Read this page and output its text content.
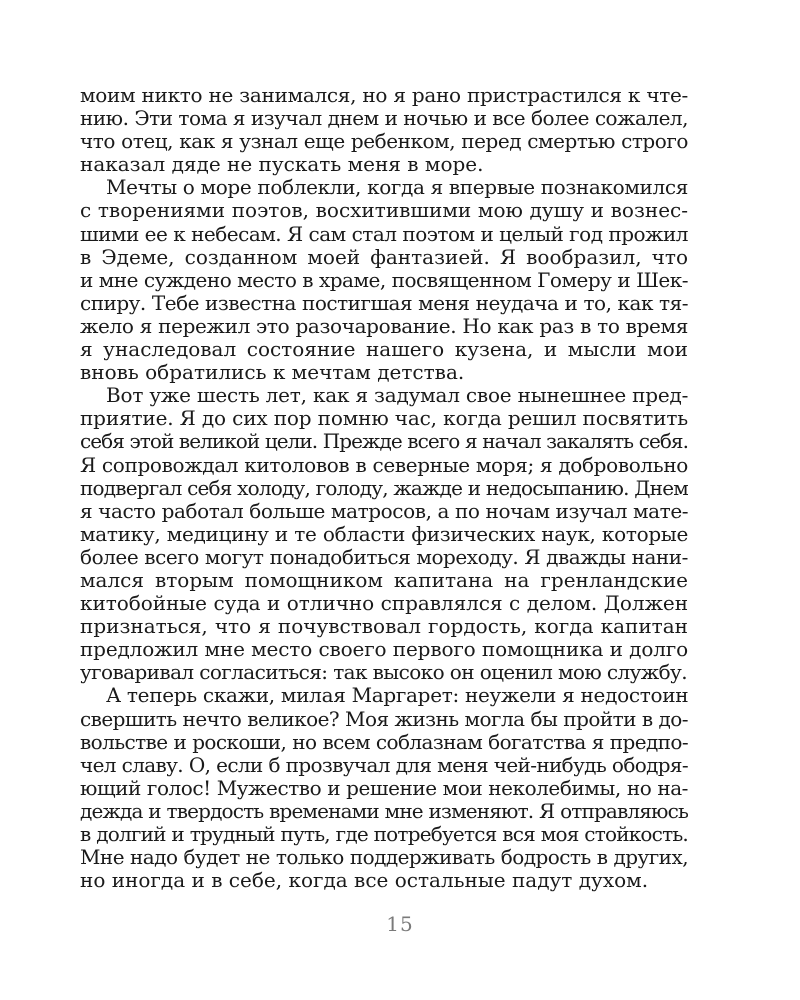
моим никто не занимался, но я рано пристрастился к чте-
нию. Эти тома я изучал днем и ночью и все более сожалел,
что отец, как я узнал еще ребенком, перед смертью строго
наказал дяде не пускать меня в море.
Мечты о море поблекли, когда я впервые познакомился
с творениями поэтов, восхитившими мою душу и вознес-
шими ее к небесам. Я сам стал поэтом и целый год прожил
в Эдеме, созданном моей фантазией. Я вообразил, что
и мне суждено место в храме, посвященном Гомеру и Шек-
спиру. Тебе известна постигшая меня неудача и то, как тя-
жело я пережил это разочарование. Но как раз в то время
я унаследовал состояние нашего кузена, и мысли мои
вновь обратились к мечтам детства.
Вот уже шесть лет, как я задумал свое нынешнее пред-
приятие. Я до сих пор помню час, когда решил посвятить
себя этой великой цели. Прежде всего я начал закалять себя.
Я сопровождал китоловов в северные моря; я добровольно
подвергал себя холоду, голоду, жажде и недосыпанию. Днем
я часто работал больше матросов, а по ночам изучал мате-
матику, медицину и те области физических наук, которые
более всего могут понадобиться мореходу. Я дважды нани-
мался вторым помощником капитана на гренландские
китобойные суда и отлично справлялся с делом. Должен
признаться, что я почувствовал гордость, когда капитан
предложил мне место своего первого помощника и долго
уговаривал согласиться: так высоко он оценил мою службу.
А теперь скажи, милая Маргарет: неужели я недостоин
свершить нечто великое? Моя жизнь могла бы пройти в до-
вольстве и роскоши, но всем соблазнам богатства я предпо-
чел славу. О, если б прозвучал для меня чей-нибудь ободря-
ющий голос! Мужество и решение мои неколебимы, но на-
дежда и твердость временами мне изменяют. Я отправляюсь
в долгий и трудный путь, где потребуется вся моя стойкость.
Мне надо будет не только поддерживать бодрость в других,
но иногда и в себе, когда все остальные падут духом.
15
